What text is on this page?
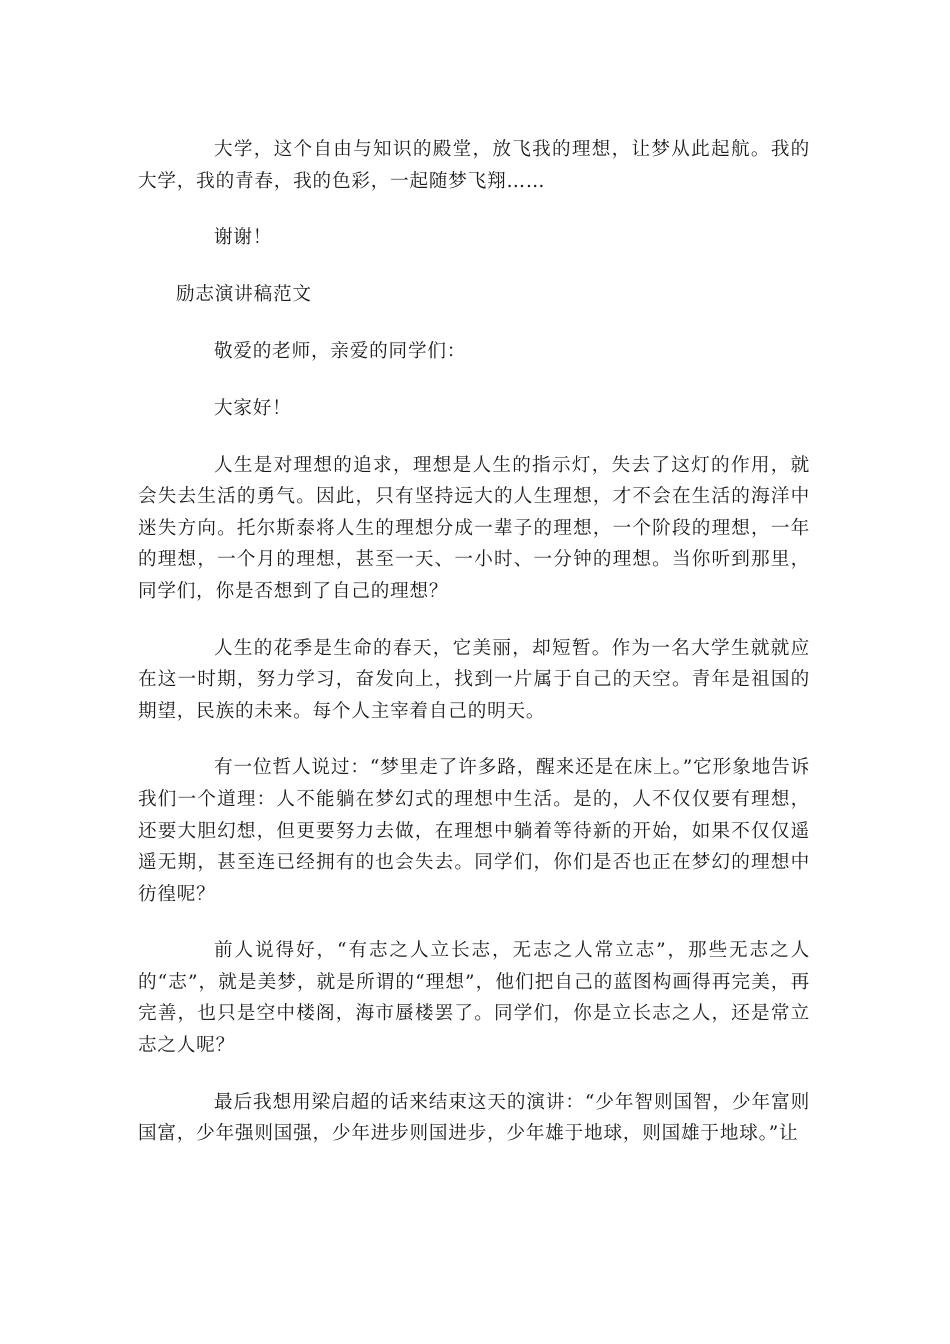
大学，这个自由与知识的殿堂，放飞我的理想，让梦从此起航。我的大学，我的青春，我的色彩，一起随梦飞翔……

谢谢！

励志演讲稿范文

敬爱的老师，亲爱的同学们：

大家好！

人生是对理想的追求，理想是人生的指示灯，失去了这灯的作用，就会失去生活的勇气。因此，只有坚持远大的人生理想，才不会在生活的海洋中迷失方向。托尔斯泰将人生的理想分成一辈子的理想，一个阶段的理想，一年的理想，一个月的理想，甚至一天、一小时、一分钟的理想。当你听到那里，同学们，你是否想到了自己的理想？

人生的花季是生命的春天，它美丽，却短暂。作为一名大学生就就应在这一时期，努力学习，奋发向上，找到一片属于自己的天空。青年是祖国的期望，民族的未来。每个人主宰着自己的明天。

有一位哲人说过：“梦里走了许多路，醒来还是在床上。”它形象地告诉我们一个道理：人不能躺在梦幻式的理想中生活。是的，人不仅仅要有理想，还要大胆幻想，但更要努力去做，在理想中躺着等待新的开始，如果不仅仅遥遥无期，甚至连已经拥有的也会失去。同学们，你们是否也正在梦幻的理想中彷徨呢？

前人说得好，“有志之人立长志，无志之人常立志”，那些无志之人的“志”，就是美梦，就是所谓的“理想”，他们把自己的蓝图构画得再完美，再完善，也只是空中楼阁，海市蜃楼罢了。同学们，你是立长志之人，还是常立志之人呢？

最后我想用梁启超的话来结束这天的演讲：“少年智则国智，少年富则国富，少年强则国强，少年进步则国进步，少年雄于地球，则国雄于地球。”让
